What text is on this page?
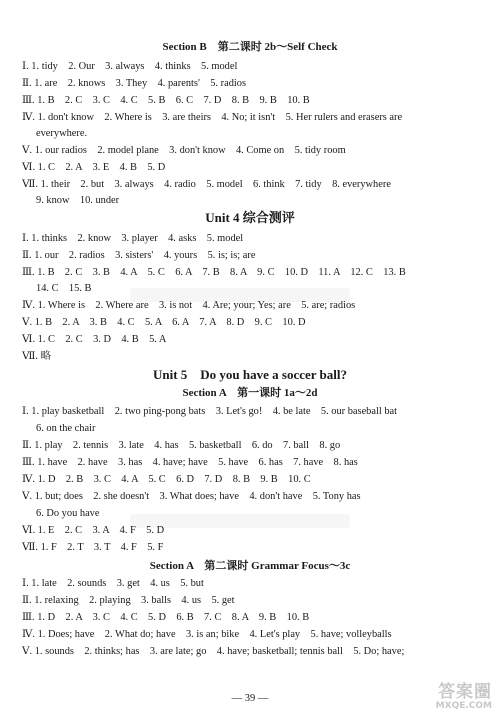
Section B　第二课时 2b～Self Check
Ⅰ. 1. tidy　2. Our　3. always　4. thinks　5. model
Ⅱ. 1. are　2. knows　3. They　4. parents'　5. radios
Ⅲ. 1. B　2. C　3. C　4. C　5. B　6. C　7. D　8. B　9. B　10. B
Ⅳ. 1. don't know　2. Where is　3. are theirs　4. No; it isn't　5. Her rulers and erasers are
everywhere.
Ⅴ. 1. our radios　2. model plane　3. don't know　4. Come on　5. tidy room
Ⅵ. 1. C　2. A　3. E　4. B　5. D
Ⅶ. 1. their　2. but　3. always　4. radio　5. model　6. think　7. tidy　8. everywhere
9. know　10. under
Unit 4 综合测评
Ⅰ. 1. thinks　2. know　3. player　4. asks　5. model
Ⅱ. 1. our　2. radios　3. sisters'　4. yours　5. is; is; are
Ⅲ. 1. B　2. C　3. B　4. A　5. C　6. A　7. B　8. A　9. C　10. D　11. A　12. C　13. B
14. C　15. B
Ⅳ. 1. Where is　2. Where are　3. is not　4. Are; your; Yes; are　5. are; radios
Ⅴ. 1. B　2. A　3. B　4. C　5. A　6. A　7. A　8. D　9. C　10. D
Ⅵ. 1. C　2. C　3. D　4. B　5. A
Ⅶ. 略
Unit 5　Do you have a soccer ball?
Section A　第一课时 1a～2d
Ⅰ. 1. play basketball　2. two ping-pong bats　3. Let's go!　4. be late　5. our baseball bat
6. on the chair
Ⅱ. 1. play　2. tennis　3. late　4. has　5. basketball　6. do　7. ball　8. go
Ⅲ. 1. have　2. have　3. has　4. have; have　5. have　6. has　7. have　8. has
Ⅳ. 1. D　2. B　3. C　4. A　5. C　6. D　7. D　8. B　9. B　10. C
Ⅴ. 1. but; does　2. she doesn't　3. What does; have　4. don't have　5. Tony has
6. Do you have
Ⅵ. 1. E　2. C　3. A　4. F　5. D
Ⅶ. 1. F　2. T　3. T　4. F　5. F
Section A　第二课时 Grammar Focus～3c
Ⅰ. 1. late　2. sounds　3. get　4. us　5. but
Ⅱ. 1. relaxing　2. playing　3. balls　4. us　5. get
Ⅲ. 1. D　2. A　3. C　4. C　5. D　6. B　7. C　8. A　9. B　10. B
Ⅳ. 1. Does; have　2. What do; have　3. is an; bike　4. Let's play　5. have; volleyballs
Ⅴ. 1. sounds　2. thinks; has　3. are late; go　4. have; basketball; tennis ball　5. Do; have;
— 39 —	答案圈
MXQE.COM
